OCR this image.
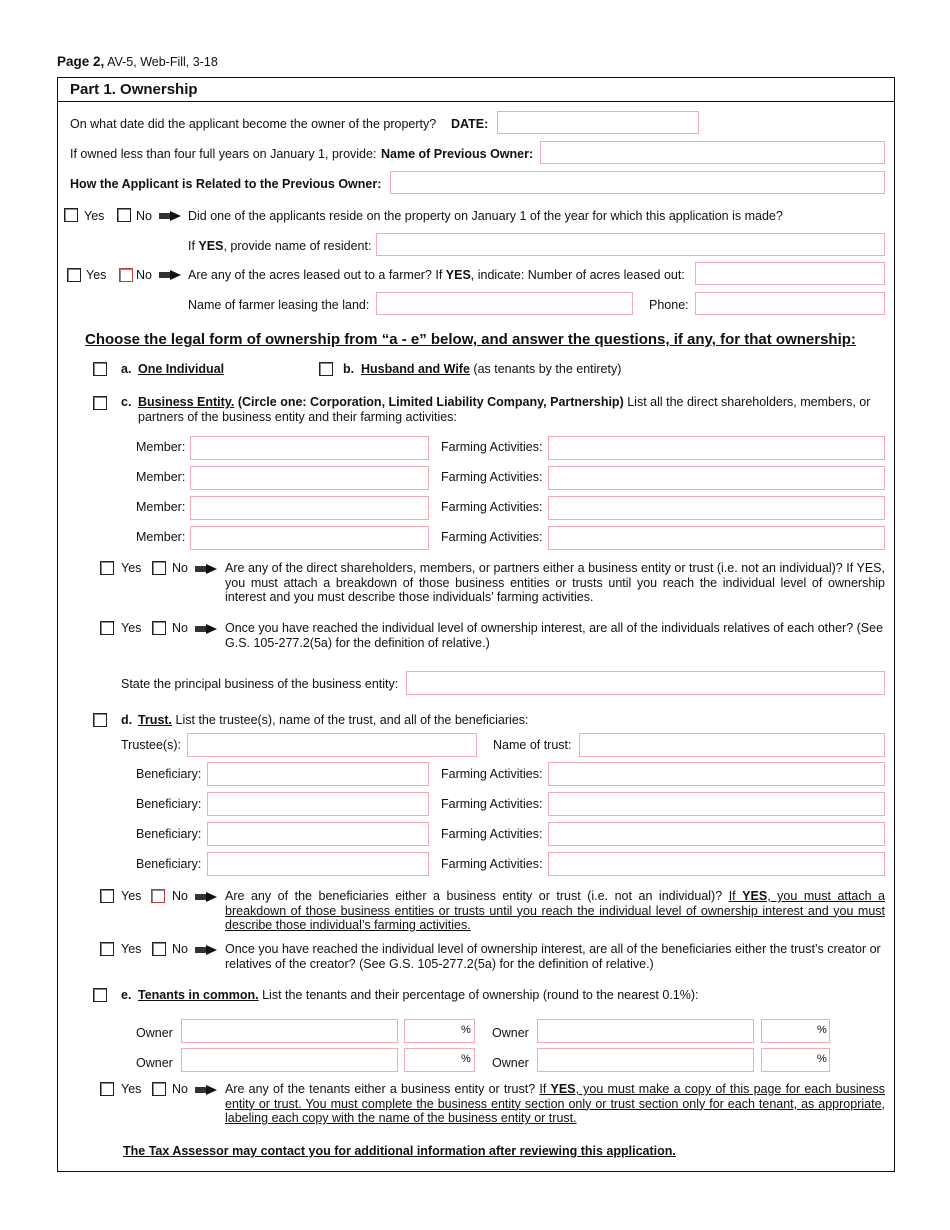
Page 2, AV-5, Web-Fill, 3-18
Part 1. Ownership
On what date did the applicant become the owner of the property? DATE:
If owned less than four full years on January 1, provide: Name of Previous Owner:
How the Applicant is Related to the Previous Owner:
Yes	No	Did one of the applicants reside on the property on January 1 of the year for which this application is made?
If YES, provide name of resident:
Yes No	Are any of the acres leased out to a farmer? If YES, indicate: Number of acres leased out:
Name of farmer leasing the land:	Phone:
Choose the legal form of ownership from “a - e” below, and answer the questions, if any, for that ownership:
a. One Individual	b. Husband and Wife (as tenants by the entirety)
c. Business Entity. (Circle one: Corporation, Limited Liability Company, Partnership) List all the direct shareholders, members, or
partners of the business entity and their farming activities:
Member:	Farming Activities:
Member:	Farming Activities:
Member:	Farming Activities:
Member:	Farming Activities:
Yes No	Are any of the direct shareholders, members, or partners either a business entity or trust (i.e. not an individual)? If YES, you must attach a breakdown of those business entities or trusts until you reach the individual level of ownership interest and you must describe those individuals’ farming activities.
Yes No	Once you have reached the individual level of ownership interest, are all of the individuals relatives of each other? (See G.S. 105-277.2(5a) for the definition of relative.)
State the principal business of the business entity:
d. Trust. List the trustee(s), name of the trust, and all of the beneficiaries:
Trustee(s):	Name of trust:
Beneficiary:	Farming Activities:
Beneficiary:	Farming Activities:
Beneficiary:	Farming Activities:
Beneficiary:	Farming Activities:
Yes No	Are any of the beneficiaries either a business entity or trust (i.e. not an individual)? If YES, you must attach a breakdown of those business entities or trusts until you reach the individual level of ownership interest and you must describe those individual’s farming activities.
Yes No	Once you have reached the individual level of ownership interest, are all of the beneficiaries either the trust’s creator or relatives of the creator? (See G.S. 105-277.2(5a) for the definition of relative.)
e. Tenants in common. List the tenants and their percentage of ownership (round to the nearest 0.1%):
Owner	% Owner	%
Owner	% Owner	%
Yes No	Are any of the tenants either a business entity or trust? If YES, you must make a copy of this page for each business entity or trust. You must complete the business entity section only or trust section only for each tenant, as appropriate, labeling each copy with the name of the business entity or trust.
The Tax Assessor may contact you for additional information after reviewing this application.
